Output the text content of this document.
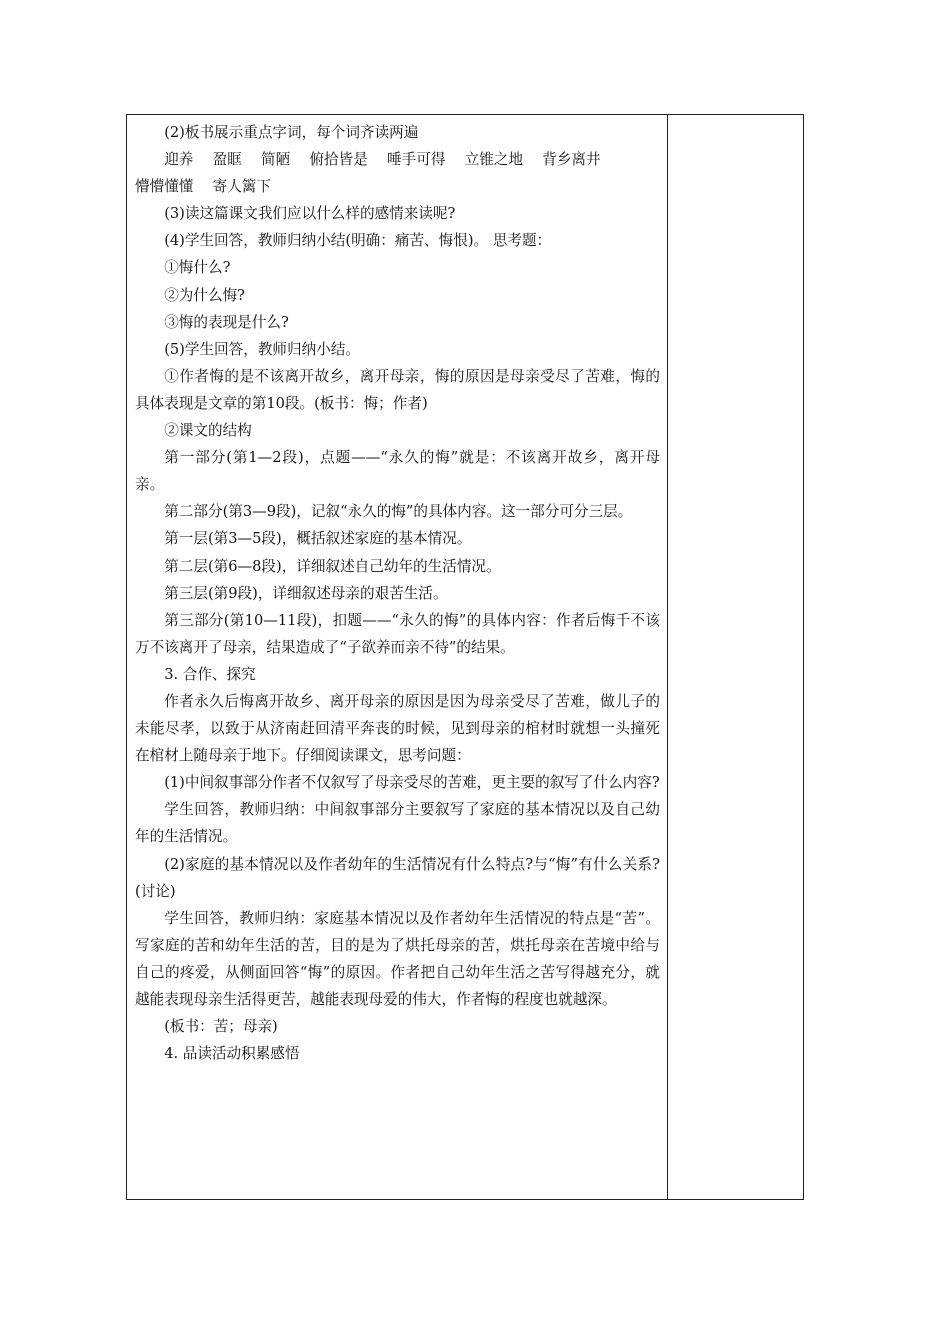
(2)板书展示重点字词，每个词齐读两遍

迎养　 盈眶　 简陋　 俯拾皆是　 唾手可得　 立锥之地　 背乡离井

懵懵懂懂　 寄人篱下

(3)读这篇课文我们应以什么样的感情来读呢?

(4)学生回答，教师归纳小结(明确：痛苦、悔恨)。 思考题：

①悔什么?

②为什么悔?

③悔的表现是什么?

(5)学生回答，教师归纳小结。

①作者悔的是不该离开故乡，离开母亲，悔的原因是母亲受尽了苦难，悔的具体表现是文章的第10段。(板书：悔；作者)

②课文的结构

第一部分(第1—2段)，点题——“永久的悔”就是：不该离开故乡，离开母亲。

第二部分(第3—9段)，记叙“永久的悔”的具体内容。这一部分可分三层。

第一层(第3—5段)，概括叙述家庭的基本情况。

第二层(第6—8段)，详细叙述自己幼年的生活情况。

第三层(第9段)，详细叙述母亲的艰苦生活。

第三部分(第10—11段)，扣题——“永久的悔”的具体内容：作者后悔千不该万不该离开了母亲，结果造成了“子欲养而亲不待”的结果。

3. 合作、探究

作者永久后悔离开故乡、离开母亲的原因是因为母亲受尽了苦难，做儿子的未能尽孝，以致于从济南赶回清平奔丧的时候，见到母亲的棺材时就想一头撞死在棺材上随母亲于地下。仔细阅读课文，思考问题：

(1)中间叙事部分作者不仅叙写了母亲受尽的苦难，更主要的叙写了什么内容?

学生回答，教师归纳：中间叙事部分主要叙写了家庭的基本情况以及自己幼年的生活情况。

(2)家庭的基本情况以及作者幼年的生活情况有什么特点?与“悔”有什么关系?(讨论)

学生回答，教师归纳：家庭基本情况以及作者幼年生活情况的特点是“苦”。写家庭的苦和幼年生活的苦，目的是为了烘托母亲的苦，烘托母亲在苦境中给与自己的疼爱，从侧面回答“悔”的原因。作者把自己幼年生活之苦写得越充分，就越能表现母亲生活得更苦，越能表现母爱的伟大，作者悔的程度也就越深。

(板书：苦；母亲)

4. 品读活动积累感悟
